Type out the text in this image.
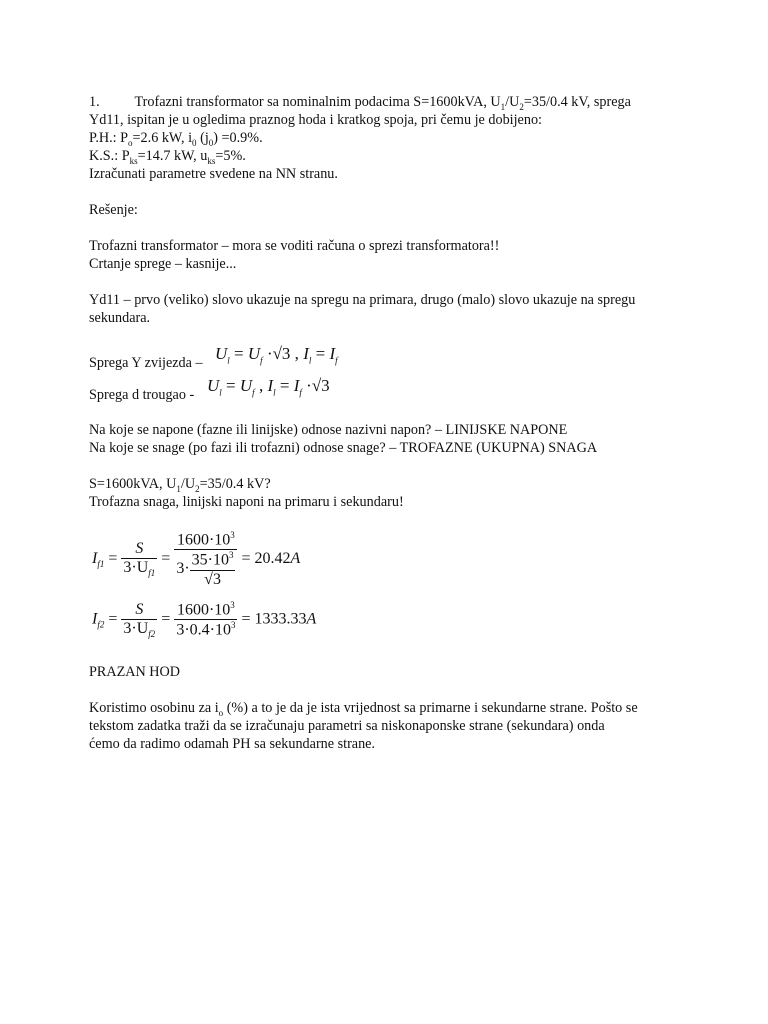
1. Trofazni transformator sa nominalnim podacima S=1600kVA, $U_1/U_2=35/0.4$ kV, sprega
Yd11, ispitan je u ogledima praznog hoda i kratkog spoja, pri čemu je dobijeno:
P.H.: $P_o=2.6$ kW, $i_0$ $(j_0) =0.9\%$.
K.S.: $P_{ks}=14.7$ kW, $u_{ks}=5\%$.
Izračunati parametre svedene na NN stranu.
Rešenje:
Trofazni transformator – mora se voditi računa o sprezi transformatora!!
Crtanje sprege – kasnije...
Yd11 – prvo (veliko) slovo ukazuje na spregu na primara, drugo (malo) slovo ukazuje na spregu
sekundara.
Sprega Y zvijezda – $U_l = U_f \cdot√3$ , $I_l = I_f$
Sprega d trougao - $U_l = U_f$ , $I_l = I_f \cdot√3$
Na koje se napone (fazne ili linijske) odnose nazivni napon? – LINIJSKE NAPONE
Na koje se snage (po fazi ili trofazni) odnose snage? – TROFAZNE (UKUPNA) SNAGA
S=1600kVA, $U_1/U_2=35/0.4$ kV?
Trofazna snaga, linijski naponi na primaru i sekundaru!
$I_{f1} = \frac{S}{3\cdot U_{f1}} = \frac{1600\cdot 10^3}{3\cdot \frac{35\cdot 10^3}{√3}} = 20.42A$
$I_{f2} = \frac{S}{3\cdot U_{f2}} = \frac{1600\cdot 10^3}{3\cdot 0.4\cdot 10^3} = 1333.33A$
PRAZAN HOD
Koristimo osobinu za $i_o$ (%) a to je da je ista vrijednost sa primarne i sekundarne strane. Pošto se
tekstom zadatka traži da se izračunaju parametri sa niskonaponske strane (sekundara) onda
ćemo da radimo odamah PH sa sekundarne strane.
